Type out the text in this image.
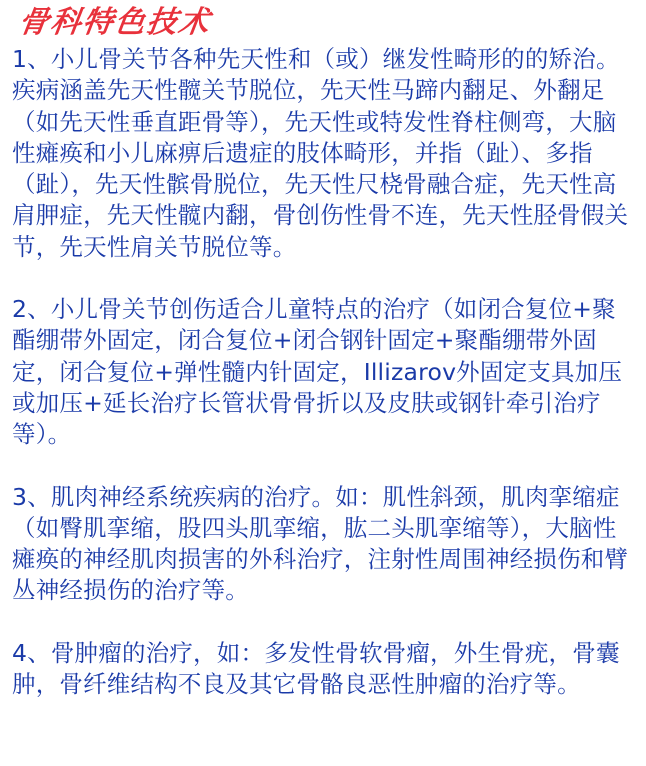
骨科特色技术

1、小儿骨关节各种先天性和（或）继发性畸形的的矫治。疾病涵盖先天性髋关节脱位，先天性马蹄内翻足、外翻足（如先天性垂直距骨等），先天性或特发性脊柱侧弯，大脑性瘫痪和小儿麻痹后遗症的肢体畸形，并指（趾）、多指（趾），先天性髌骨脱位，先天性尺桡骨融合症，先天性高肩胛症，先天性髋内翻，骨创伤性骨不连，先天性胫骨假关节，先天性肩关节脱位等。

2、小儿骨关节创伤适合儿童特点的治疗（如闭合复位+聚酯绷带外固定，闭合复位+闭合钢针固定+聚酯绷带外固定，闭合复位+弹性髓内针固定，Illizarov外固定支具加压或加压+延长治疗长管状骨骨折以及皮肤或钢针牵引治疗等）。

3、肌肉神经系统疾病的治疗。如：肌性斜颈，肌肉挛缩症（如臀肌挛缩，股四头肌挛缩，肱二头肌挛缩等），大脑性瘫痪的神经肌肉损害的外科治疗，注射性周围神经损伤和臂丛神经损伤的治疗等。

4、骨肿瘤的治疗，如：多发性骨软骨瘤，外生骨疣，骨囊肿，骨纤维结构不良及其它骨骼良恶性肿瘤的治疗等。
